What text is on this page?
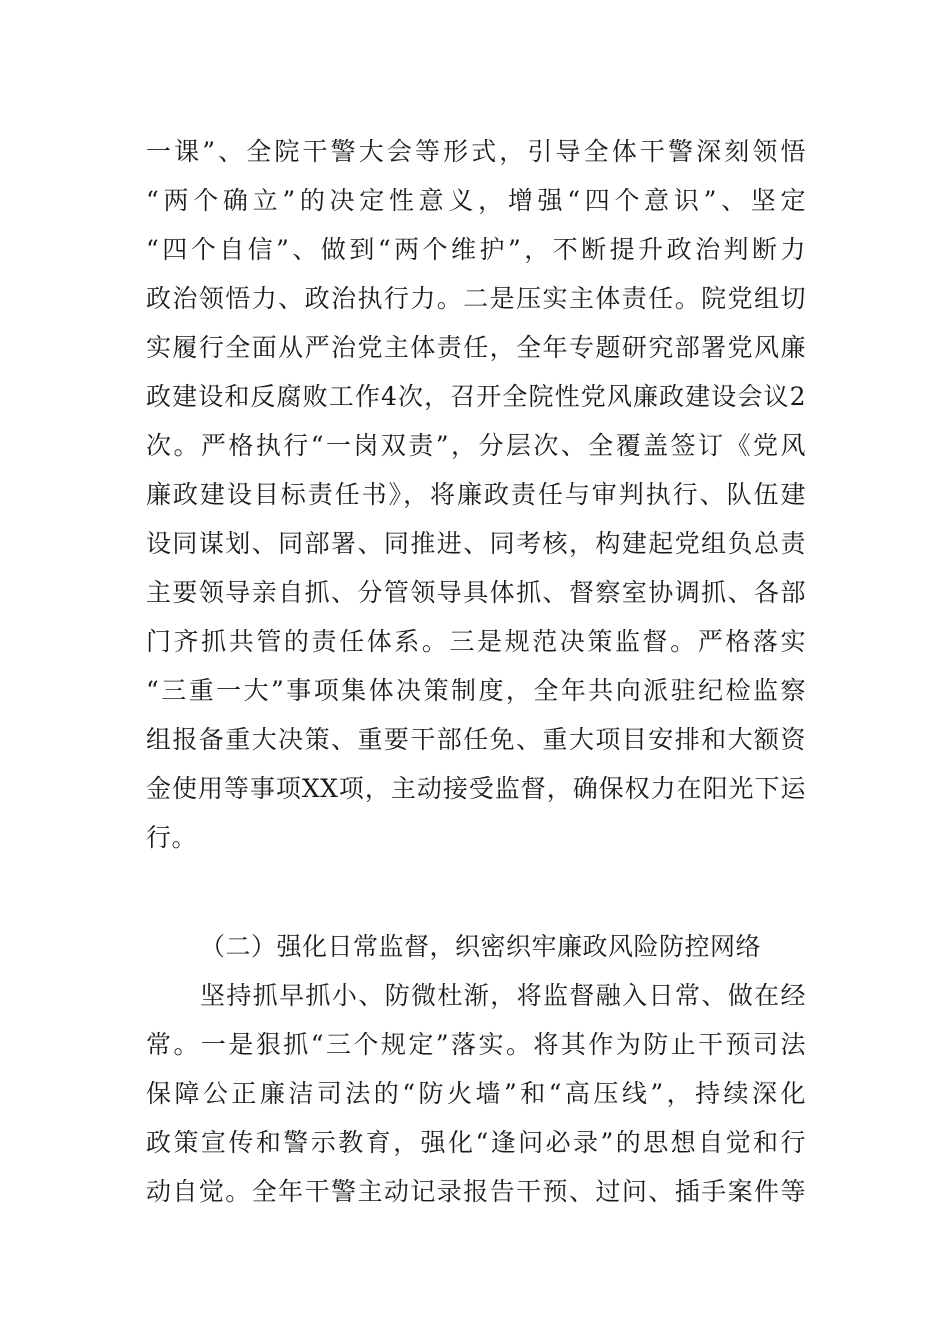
一课”、全院干警大会等形式，引导全体干警深刻领悟
“两个确立”的决定性意义，增强“四个意识”、坚定
“四个自信”、做到“两个维护”，不断提升政治判断力
政治领悟力、政治执行力。二是压实主体责任。院党组切
实履行全面从严治党主体责任，全年专题研究部署党风廉
政建设和反腐败工作4次，召开全院性党风廉政建设会议2
次。严格执行“一岗双责”，分层次、全覆盖签订《党风
廉政建设目标责任书》，将廉政责任与审判执行、队伍建
设同谋划、同部署、同推进、同考核，构建起党组负总责
主要领导亲自抓、分管领导具体抓、督察室协调抓、各部
门齐抓共管的责任体系。三是规范决策监督。严格落实
“三重一大”事项集体决策制度，全年共向派驻纪检监察
组报备重大决策、重要干部任免、重大项目安排和大额资
金使用等事项XX项，主动接受监督，确保权力在阳光下运
行。
（二）强化日常监督，织密织牢廉政风险防控网络
坚持抓早抓小、防微杜渐，将监督融入日常、做在经
常。一是狠抓“三个规定”落实。将其作为防止干预司法
保障公正廉洁司法的“防火墙”和“高压线”，持续深化
政策宣传和警示教育，强化“逢问必录”的思想自觉和行
动自觉。全年干警主动记录报告干预、过问、插手案件等
